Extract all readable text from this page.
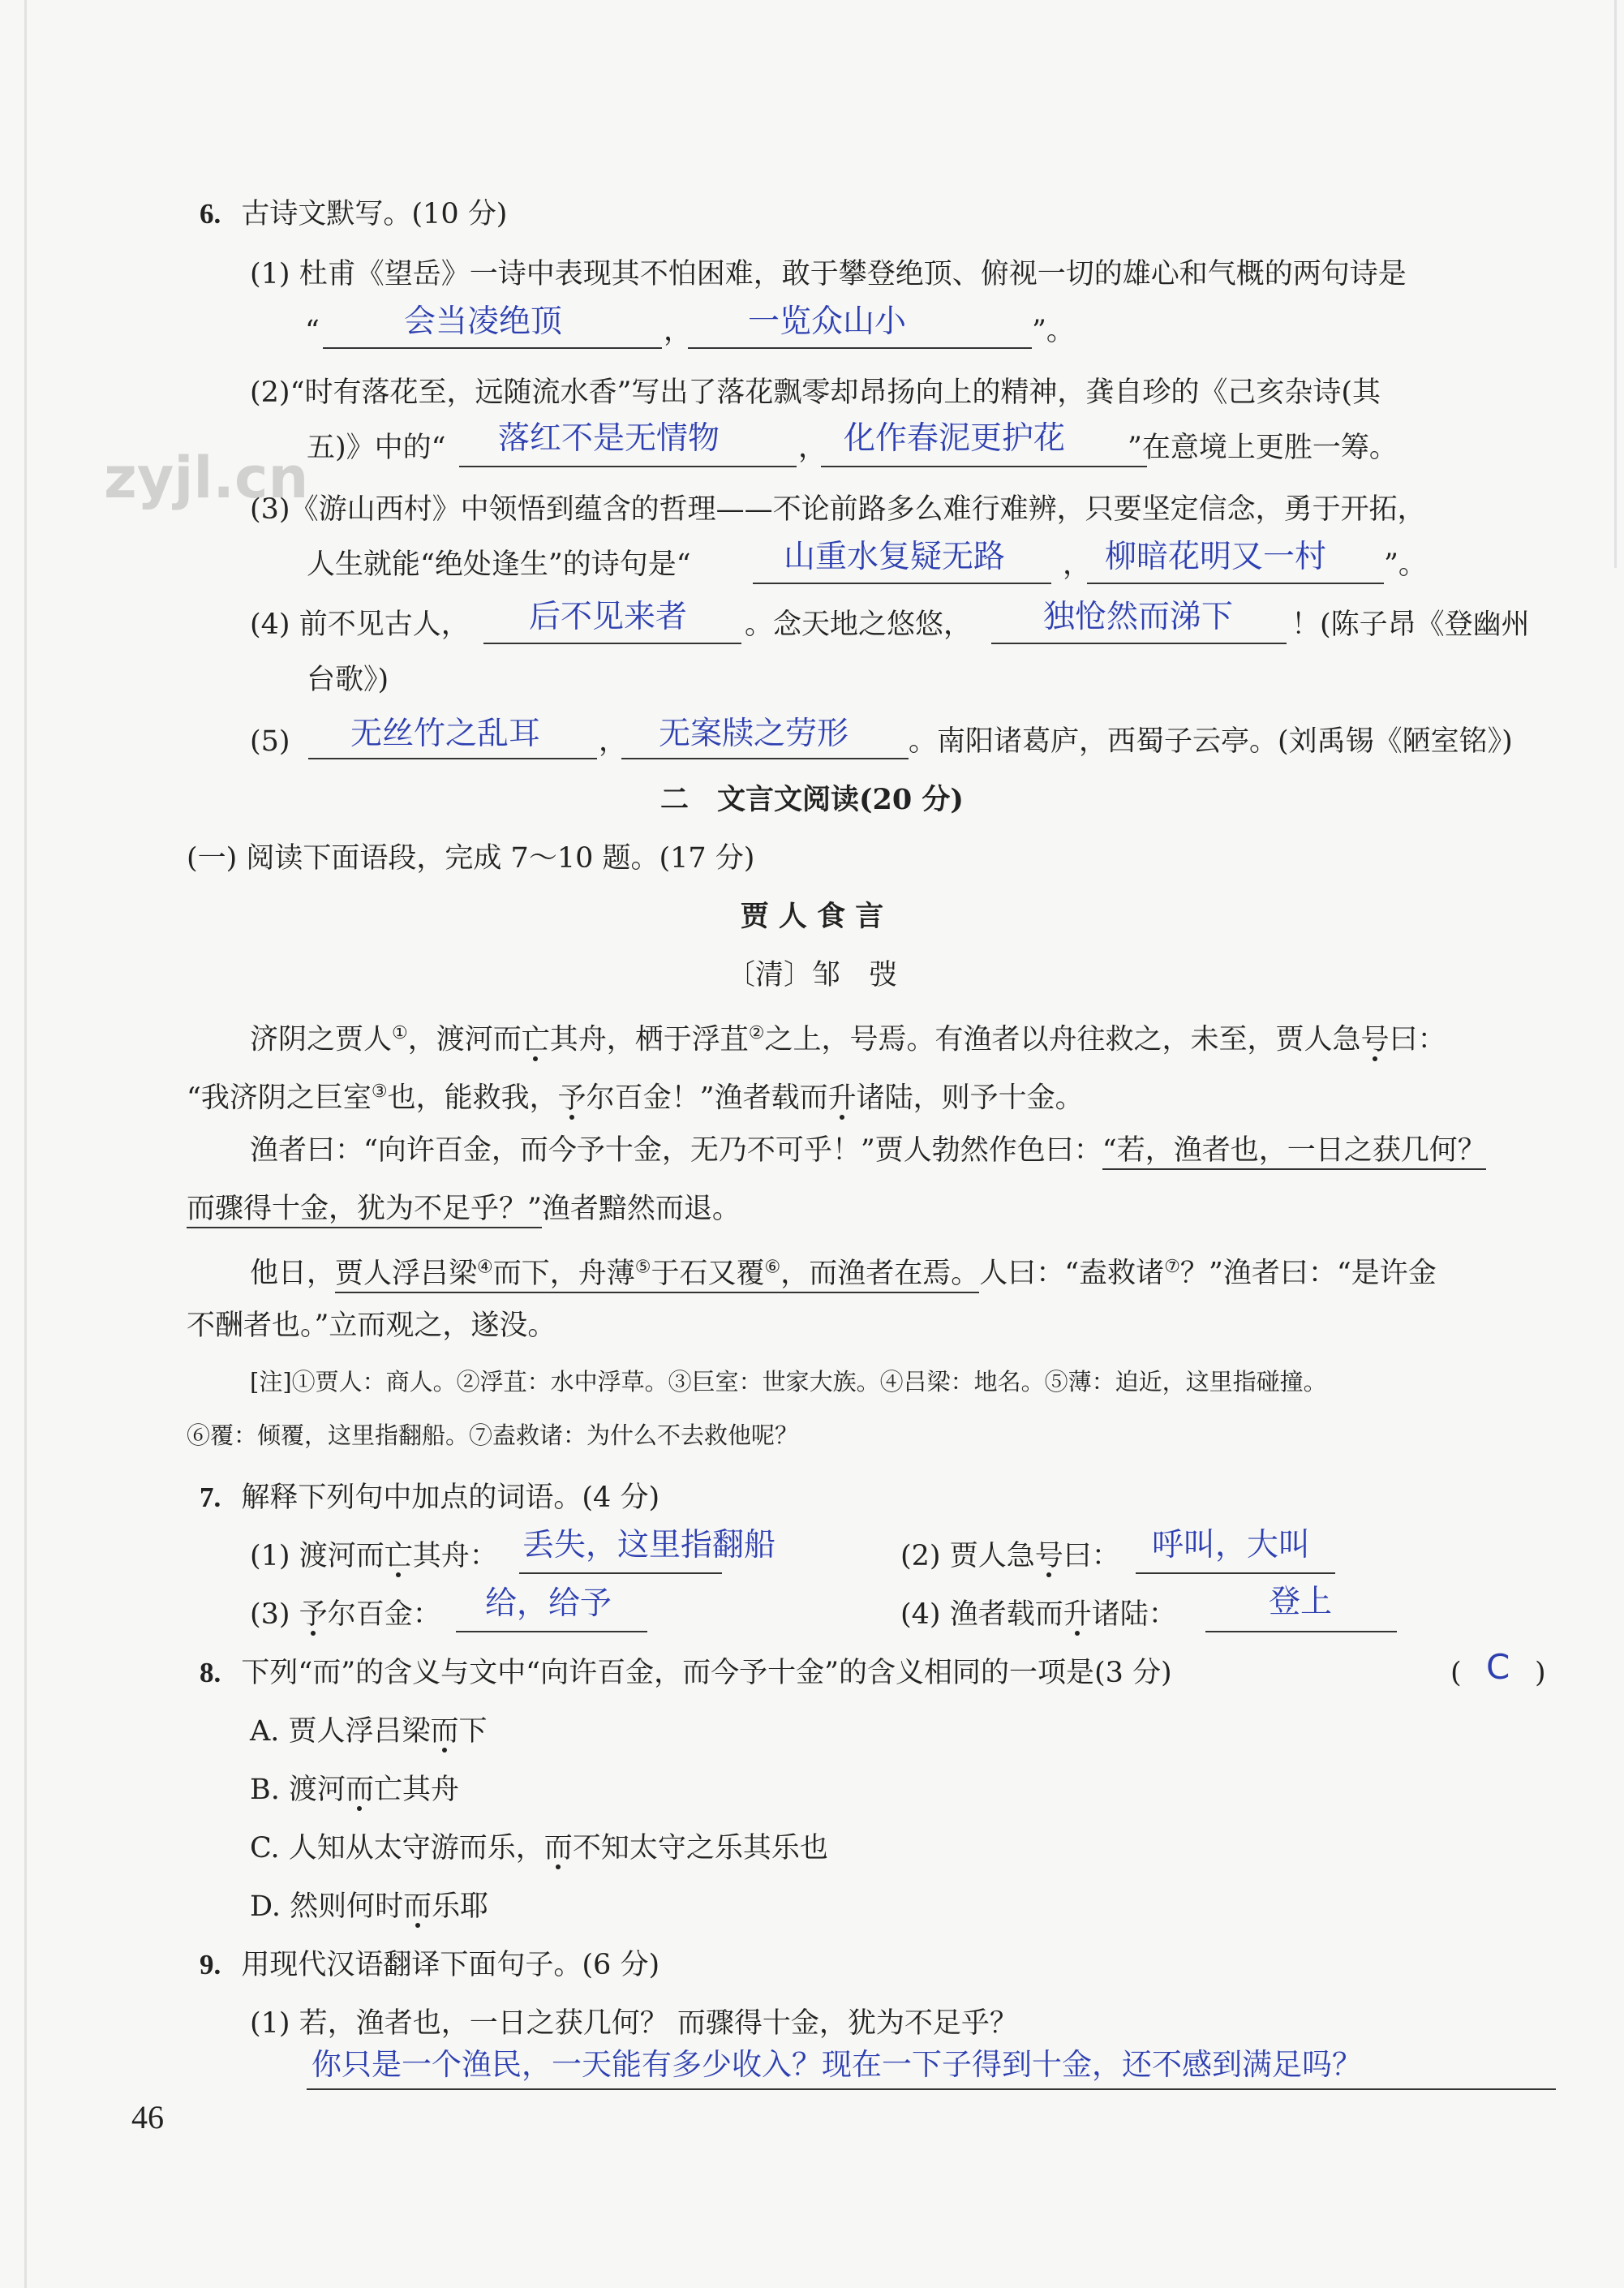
zyjl.cn
6. 古诗文默写。(10 分)
(1) 杜甫《望岳》一诗中表现其不怕困难，敢于攀登绝顶、俯视一切的雄心和气概的两句诗是
“	会当凌绝顶	， 一览众山小	”。
(2)“时有落花至，远随流水香”写出了落花飘零却昂扬向上的精神，龚自珍的《己亥杂诗(其
五)》中的“ 落红不是无情物	， 化作春泥更护花 ”在意境上更胜一筹。
(3)《游山西村》中领悟到蕴含的哲理——不论前路多么难行难辨，只要坚定信念，勇于开拓，
人生就能“绝处逢生”的诗句是“	山重水复疑无路 ， 柳暗花明又一村 ”。
(4) 前不见古人， 后不见来者 。念天地之悠悠， 独怆然而涕下 ！(陈子昂《登幽州
台歌》)
(5) 无丝竹之乱耳 ， 无案牍之劳形 。南阳诸葛庐，西蜀子云亭。(刘禹锡《陋室铭》)
二　文言文阅读(20 分)
(一) 阅读下面语段，完成 7～10 题。(17 分)
贾 人 食 言
〔清〕邹　弢
济阴之贾人①，渡河而亡其舟，栖于浮苴②之上，号焉。有渔者以舟往救之，未至，贾人急号曰：
“我济阴之巨室③也，能救我，予尔百金！”渔者载而升诸陆，则予十金。
渔者曰：“向许百金，而今予十金，无乃不可乎！”贾人勃然作色曰：“若，渔者也，一日之获几何？
而骤得十金，犹为不足乎？”渔者黯然而退。
他日，贾人浮吕梁④而下，舟薄⑤于石又覆⑥，而渔者在焉。人曰：“盍救诸⑦？”渔者曰：“是许金
不酬者也。”立而观之，遂没。
[注]①贾人：商人。②浮苴：水中浮草。③巨室：世家大族。④吕梁：地名。⑤薄：迫近，这里指碰撞。
⑥覆：倾覆，这里指翻船。⑦盍救诸：为什么不去救他呢？
7. 解释下列句中加点的词语。(4 分)
(1) 渡河而亡其舟： 丢失，这里指翻船	(2) 贾人急号曰： 呼叫，大叫
(3) 予尔百金： 给，给予	(4) 渔者载而升诸陆：	登上
8. 下列“而”的含义与文中“向许百金，而今予十金”的含义相同的一项是(3 分)	( C )
A. 贾人浮吕梁而下
B. 渡河而亡其舟
C. 人知从太守游而乐，而不知太守之乐其乐也
D. 然则何时而乐耶
9. 用现代汉语翻译下面句子。(6 分)
(1) 若，渔者也，一日之获几何？ 而骤得十金，犹为不足乎？
你只是一个渔民，一天能有多少收入？现在一下子得到十金，还不感到满足吗？
46
